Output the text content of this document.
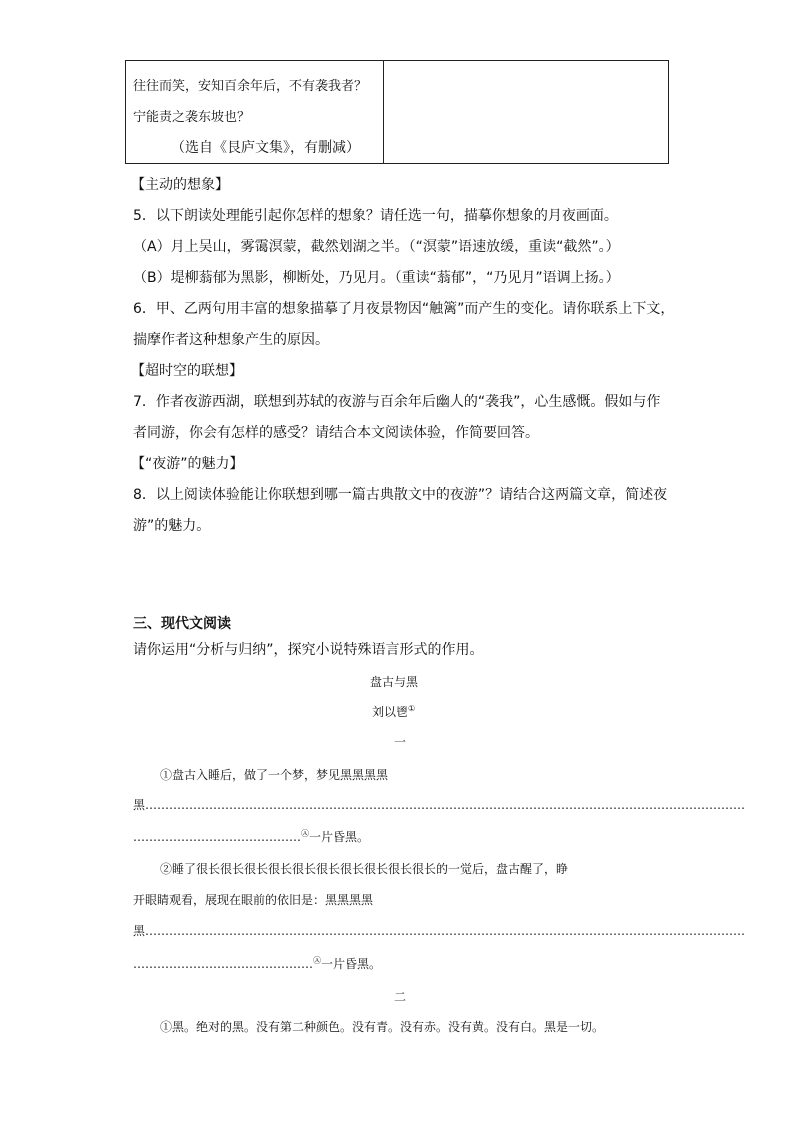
往往而笑，安知百余年后，不有袭我者？
宁能责之袭东坡也？
（选自《艮庐文集》，有删减）
【主动的想象】
5．以下朗读处理能引起你怎样的想象？请任选一句，描摹你想象的月夜画面。
（A）月上吴山，雾霭溟蒙，截然划湖之半。（“溟蒙”语速放缓，重读“截然”。）
（B）堤柳蓊郁为黑影，柳断处，乃见月。（重读“蓊郁”，“乃见月”语调上扬。）
6．甲、乙两句用丰富的想象描摹了月夜景物因“触篱”而产生的变化。请你联系上下文，
揣摩作者这种想象产生的原因。
【超时空的联想】
7．作者夜游西湖，联想到苏轼的夜游与百余年后幽人的“袭我”，心生感慨。假如与作
者同游，你会有怎样的感受？请结合本文阅读体验，作简要回答。
【“夜游”的魅力】
8．以上阅读体验能让你联想到哪一篇古典散文中的夜游”？请结合这两篇文章，简述夜
游”的魅力。
三、现代文阅读
请你运用“分析与归纳”，探究小说特殊语言形式的作用。
盘古与黑
刘以鬯①
一
①盘古入睡后，做了一个梦，梦见黑黑黑黑
黑……………………………………………………………………………………………………………………………………
……………………………………Ⓐ一片昏黑。
②睡了很长很长很长很长很长很长很长很长很长很长的一觉后，盘古醒了，睁
开眼睛观看，展现在眼前的依旧是：黑黑黑黑
黑……………………………………………………………………………………………………………………………………
………………………………………Ⓐ一片昏黑。
二
①黑。绝对的黑。没有第二种颜色。没有青。没有赤。没有黄。没有白。黑是一切。
